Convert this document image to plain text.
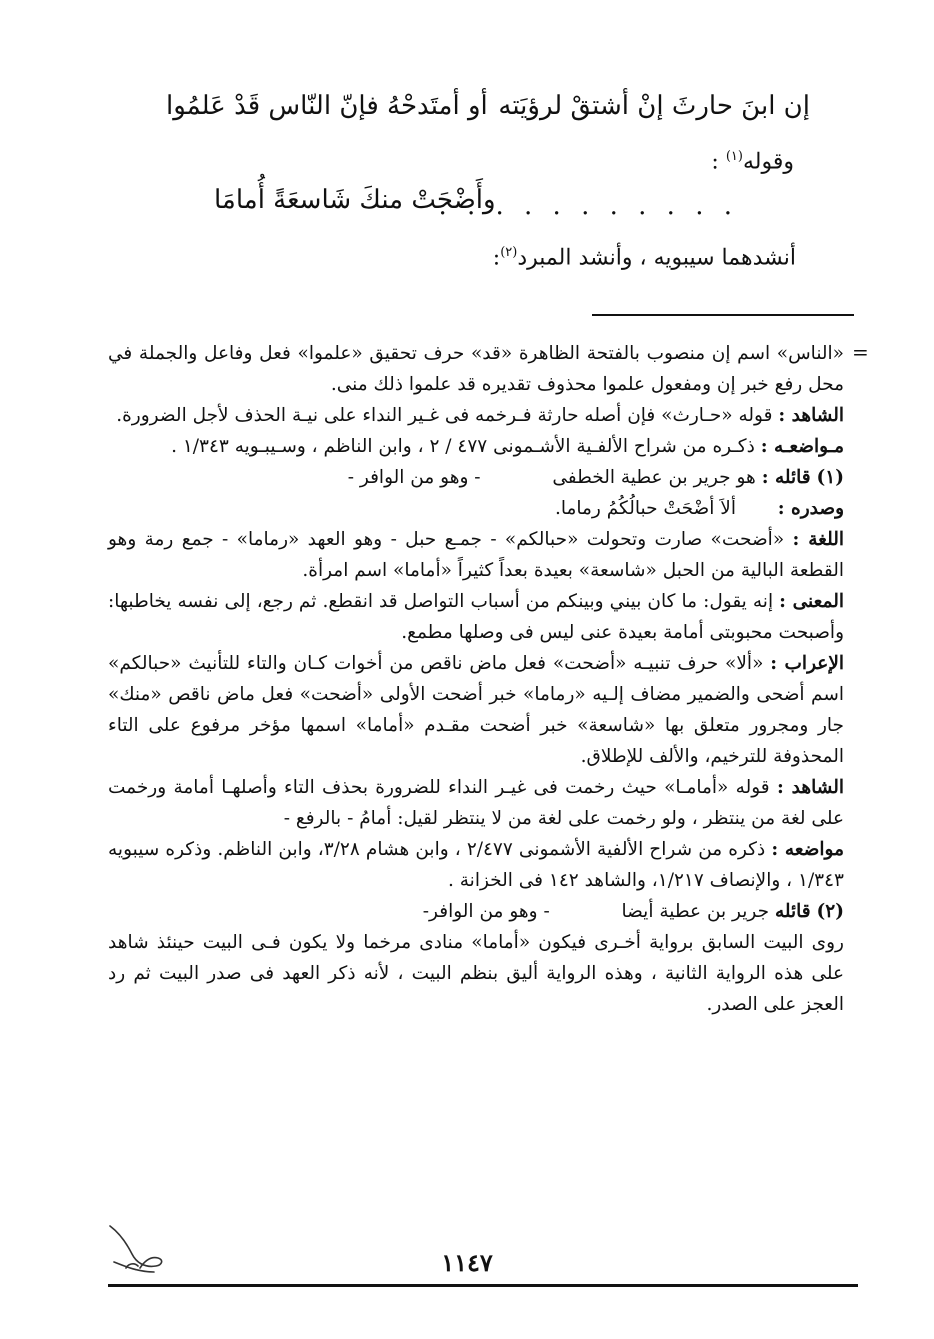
إن ابنَ حارثَ إنْ أشتقْ لرؤيَته
أو أمتَدحْهُ فإنّ النّاس قَدْ عَلمُوا
وقوله$^{(١)}$ :
. . . . . . . . . . .
وأَضْحَتْ منكَ شَاسعَةً أُمامَا
أنشدهما سيبويه ، وأنشد المبرد$^{(٢)}$:
=

«الناس» اسم إن منصوب بالفتحة الظاهرة «قد» حرف تحقيق «علموا» فعل وفاعل والجملة في محل رفع خبر إن ومفعول علموا محذوف تقديره قد علموا ذلك منى.

الشاهد : قوله «حـارث» فإن أصله حارثة فـرخمه فى غـير النداء على نيـة الحذف لأجل الضرورة.

مـواضعـه : ذكـره من شراح الألفـية الأشـمونى ٤٧٧ / ٢ ، وابن الناظم ، وسـيبـويه ١/٣٤٣ .

(١) قائله : هو جرير بن عطية الخطفى  - وهو من الوافر -

وصدره :  ألاَ أضْحَتْ حبالُكُمُ رماما.

اللغة : «أضحت» صارت وتحولت «حبالكم» - جمـع حبل - وهو العهد «رماما» - جمع رمة وهو القطعة البالية من الحبل «شاسعة» بعيدة بعداً كثيراً «أماما» اسم امرأة.

المعنى : إنه يقول: ما كان بيني وبينكم من أسباب التواصل قد انقطع. ثم رجع، إلى نفسه يخاطبها: وأصبحت محبوبتى أمامة بعيدة عنى ليس فى وصلها مطمع.

الإعراب : «ألا» حرف تنبيـه «أضحت» فعل ماض ناقص من أخوات كـان والتاء للتأنيث «حبالكم» اسم أضحى والضمير مضاف إلـيه «رماما» خبر أضحت الأولى «أضحت» فعل ماض ناقص «منك» جار ومجرور متعلق بها «شاسعة» خبر أضحت مقـدم «أماما» اسمها مؤخر مرفوع على التاء المحذوفة للترخيم، والألف للإطلاق.

الشاهد : قوله «أمامـا» حيث رخمت فى غيـر النداء للضرورة بحذف التاء وأصلهـا أمامة ورخمت على لغة من ينتظر ، ولو رخمت على لغة من لا ينتظر لقيل: أمامُ - بالرفع -

مواضعه : ذكره من شراح الألفية الأشمونى ٢/٤٧٧ ، وابن هشام ٣/٢٨، وابن الناظم. وذكره سيبويه ١/٣٤٣ ، والإنصاف ١/٢١٧، والشاهد ١٤٢ فى الخزانة .

(٢) قائله جرير بن عطية أيضا  - وهو من الوافر-

روى البيت السابق برواية أخـرى فيكون «أماما» منادى مرخما ولا يكون فـى البيت حينئذ شاهد على هذه الرواية الثانية ، وهذه الرواية أليق بنظم البيت ، لأنه ذكر العهد فى صدر البيت ثم رد العجز على الصدر.

١١٤٧
